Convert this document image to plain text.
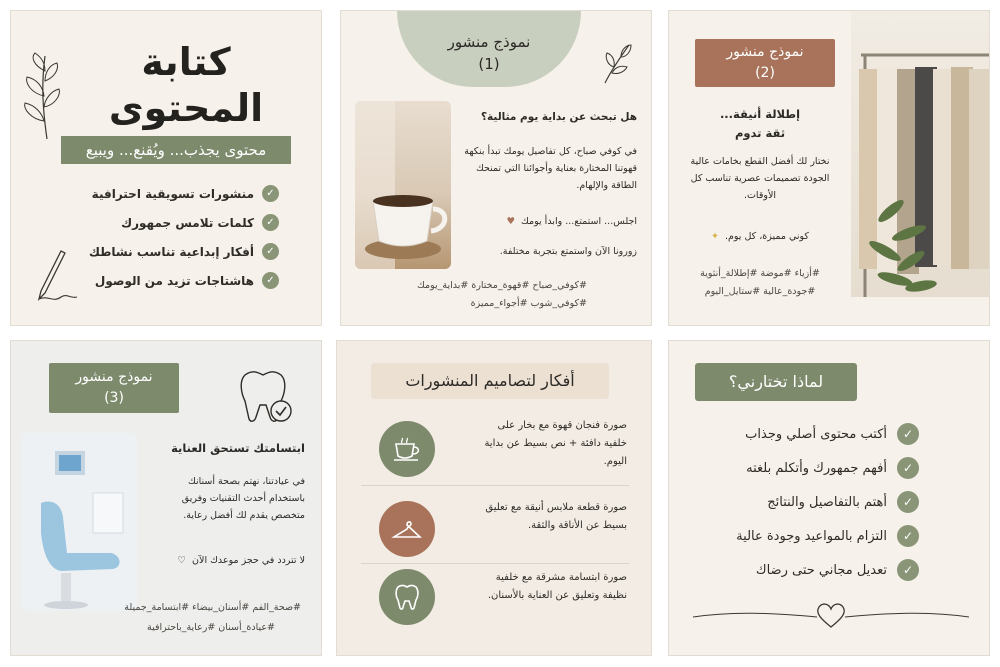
كتابة
المحتوى
محتوى يجذب... ويُقنع... ويبيع
✓
منشورات تسويقية احترافية
✓
كلمات تلامس جمهورك
✓
أفكار إبداعية تناسب نشاطك
✓
هاشتاجات تزيد من الوصول
نموذج منشور
(1)
هل تبحث عن بداية يوم مثالية؟
في كوفي صباح، كل تفاصيل يومك تبدأ بنكهة قهوتنا المختارة بعناية وأجوائنا التي تمنحك الطاقة والإلهام.
اجلس... استمتع... وابدأ يومك
♥
زورونا الآن واستمتع بتجربة مختلفة.
#كوفي_صباح #قهوة_مختارة #بداية_يومك
#كوفي_شوب #أجواء_مميزة
نموذج منشور
(2)
إطلالة أنيقة...
ثقة تدوم
نختار لك أفضل القطع بخامات عالية الجودة تصميمات عصرية تناسب كل الأوقات.
كوني مميزة، كل يوم.
✦
#أزياء #موضة #إطلالة_أنثوية
#جودة_عالية #ستايل_اليوم
نموذج منشور
(3)
ابتسامتك تستحق العناية
في عيادتنا، نهتم بصحة أسنانك باستخدام أحدث التقنيات وفريق متخصص يقدم لك أفضل رعاية.
لا تتردد في حجز موعدك الآن
♡
#صحة_الفم #أسنان_بيضاء #ابتسامة_جميلة
#عيادة_أسنان #رعاية_باحترافية
أفكار لتصاميم المنشورات
صورة فنجان قهوة مع بخار على خلفية دافئة + نص بسيط عن بداية اليوم.
صورة قطعة ملابس أنيقة مع تعليق بسيط عن الأناقة والثقة.
صورة ابتسامة مشرقة مع خلفية نظيفة وتعليق عن العناية بالأسنان.
لماذا تختارني؟
✓
أكتب محتوى أصلي وجذاب
✓
أفهم جمهورك وأتكلم بلغته
✓
أهتم بالتفاصيل والنتائج
✓
التزام بالمواعيد وجودة عالية
✓
تعديل مجاني حتى رضاك
